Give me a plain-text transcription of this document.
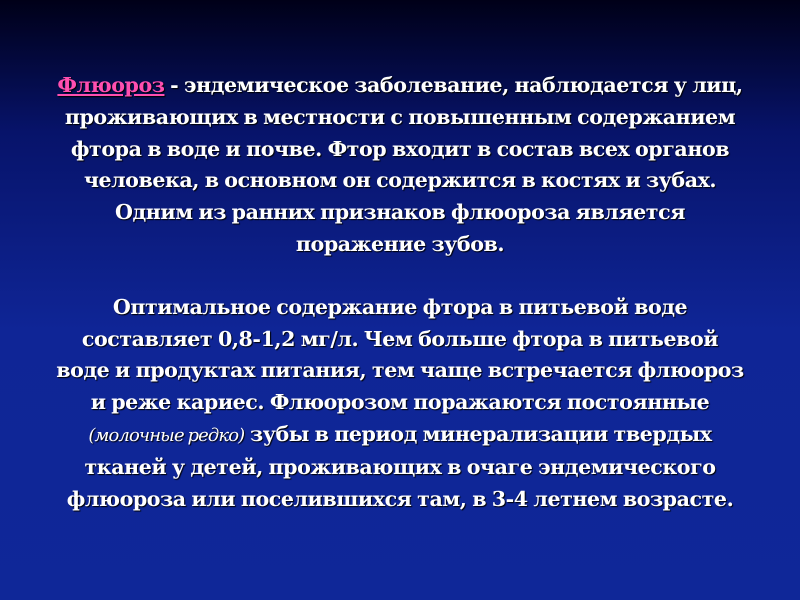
Флюороз - эндемическое заболевание, наблюдается у лиц, проживающих в местности с повышенным содержанием фтора в воде и почве. Фтор входит в состав всех органов человека, в основном он содержится в костях и зубах. Одним из ранних признаков флюороза является поражение зубов.
Оптимальное содержание фтора в питьевой воде составляет 0,8-1,2 мг/л. Чем больше фтора в питьевой воде и продуктах питания, тем чаще встречается флюороз и реже кариес. Флюорозом поражаются постоянные (молочные редко) зубы в период минерализации твердых тканей у детей, проживающих в очаге эндемического флюороза или поселившихся там, в 3-4 летнем возрасте.
